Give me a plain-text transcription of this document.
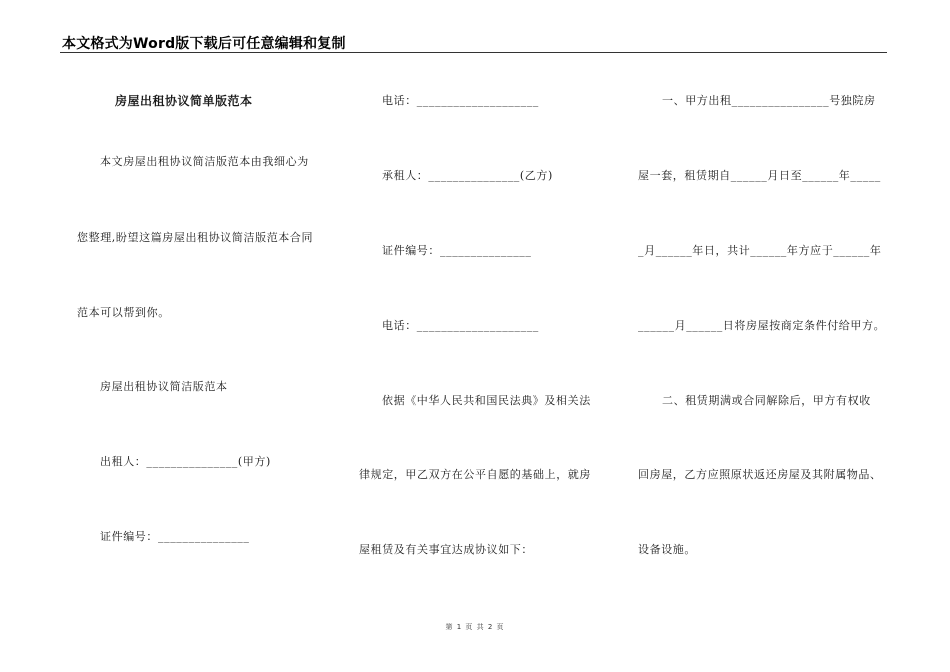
本文格式为Word版下载后可任意编辑和复制
房屋出租协议简单版范本
本文房屋出租协议简洁版范本由我细心为
您整理,盼望这篇房屋出租协议简洁版范本合同
范本可以帮到你。
房屋出租协议简洁版范本
出租人：_______________(甲方)
证件编号：_______________
电话：____________________
承租人：_______________(乙方)
证件编号：_______________
电话：____________________
依据《中华人民共和国民法典》及相关法
律规定，甲乙双方在公平自愿的基础上，就房
屋租赁及有关事宜达成协议如下：
一、甲方出租________________号独院房
屋一套，租赁期自______月日至______年_____
_月______年日，共计______年方应于______年
______月______日将房屋按商定条件付给甲方。
二、租赁期满或合同解除后，甲方有权收
回房屋，乙方应照原状返还房屋及其附属物品、
设备设施。
第 1 页 共 2 页
